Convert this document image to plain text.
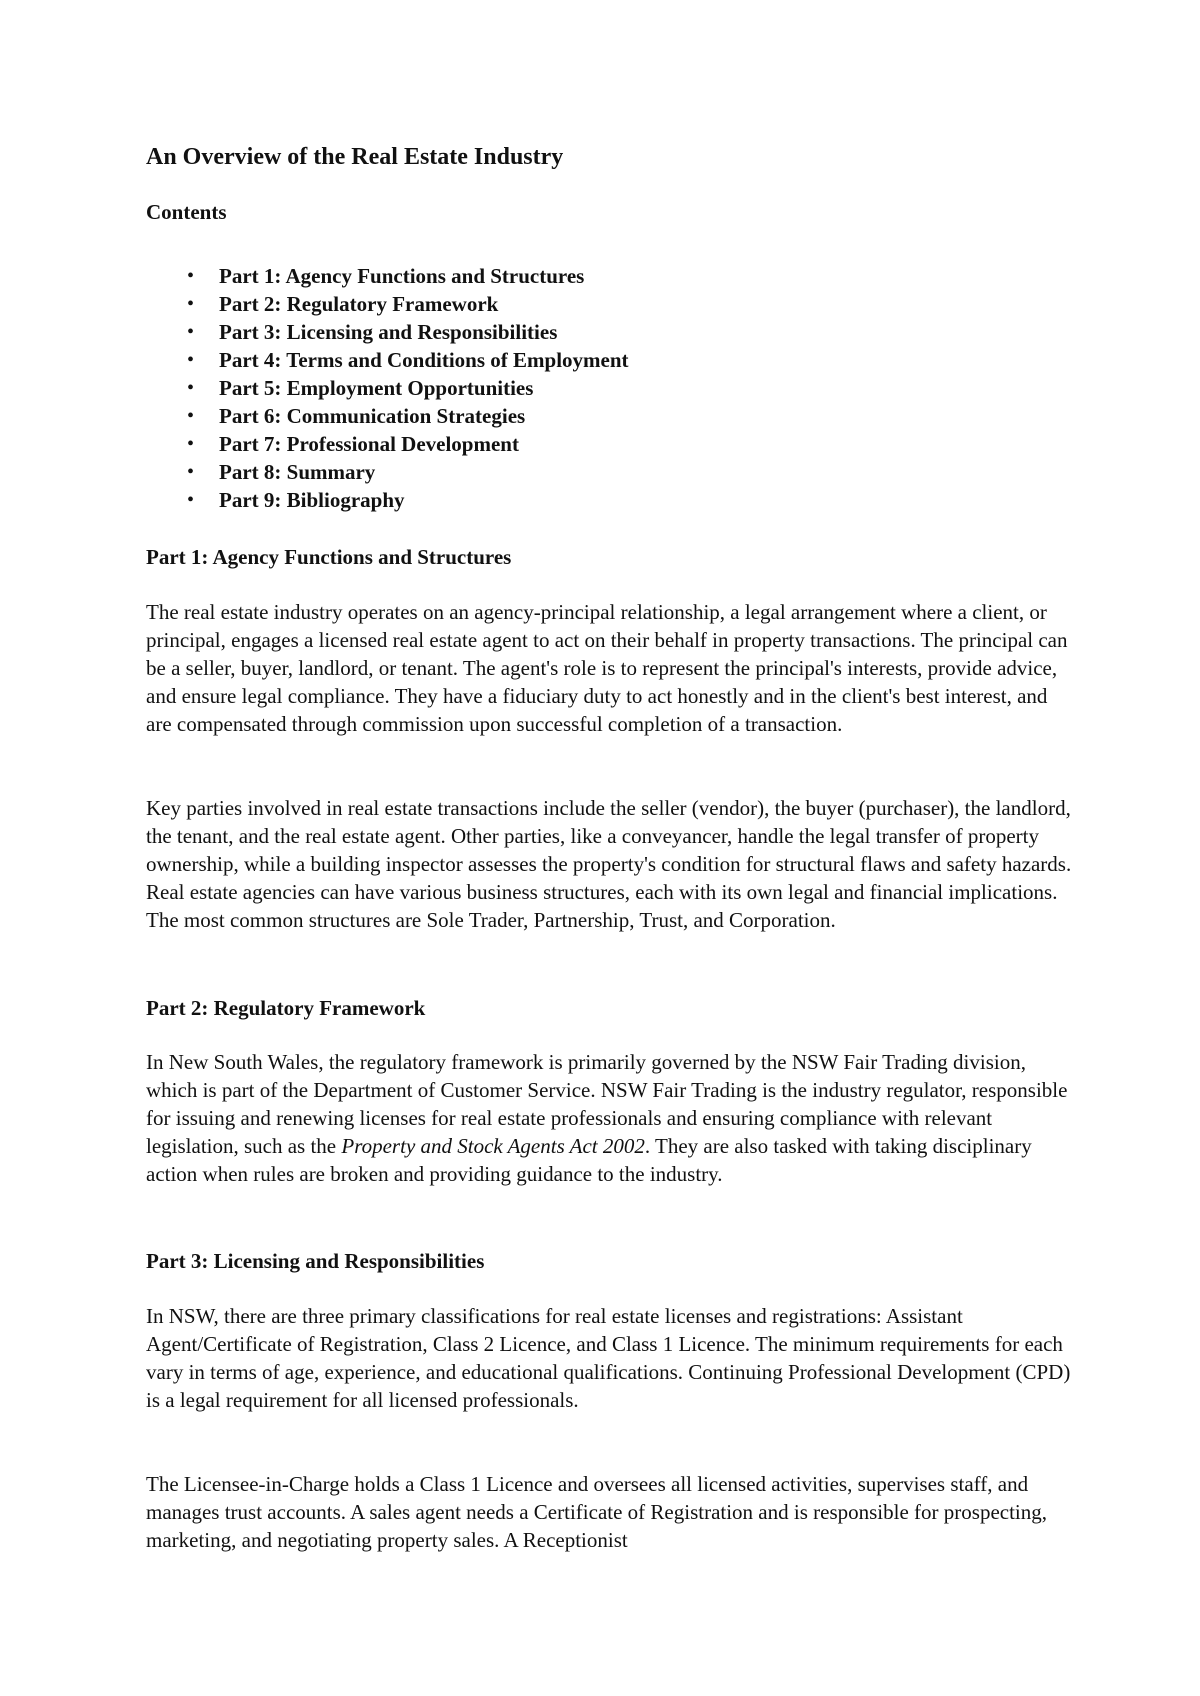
An Overview of the Real Estate Industry
Contents
• Part 1: Agency Functions and Structures
• Part 2: Regulatory Framework
• Part 3: Licensing and Responsibilities
• Part 4: Terms and Conditions of Employment
• Part 5: Employment Opportunities
• Part 6: Communication Strategies
• Part 7: Professional Development
• Part 8: Summary
• Part 9: Bibliography
Part 1: Agency Functions and Structures

The real estate industry operates on an agency-principal relationship, a legal arrangement where a client, or principal, engages a licensed real estate agent to act on their behalf in property transactions. The principal can be a seller, buyer, landlord, or tenant. The agent's role is to represent the principal's interests, provide advice, and ensure legal compliance. They have a fiduciary duty to act honestly and in the client's best interest, and are compensated through commission upon successful completion of a transaction.

Key parties involved in real estate transactions include the seller (vendor), the buyer (purchaser), the landlord, the tenant, and the real estate agent. Other parties, like a conveyancer, handle the legal transfer of property ownership, while a building inspector assesses the property's condition for structural flaws and safety hazards. Real estate agencies can have various business structures, each with its own legal and financial implications. The most common structures are Sole Trader, Partnership, Trust, and Corporation.

Part 2: Regulatory Framework

In New South Wales, the regulatory framework is primarily governed by the NSW Fair Trading division, which is part of the Department of Customer Service. NSW Fair Trading is the industry regulator, responsible for issuing and renewing licenses for real estate professionals and ensuring compliance with relevant legislation, such as the Property and Stock Agents Act 2002. They are also tasked with taking disciplinary action when rules are broken and providing guidance to the industry.

Part 3: Licensing and Responsibilities

In NSW, there are three primary classifications for real estate licenses and registrations: Assistant Agent/Certificate of Registration, Class 2 Licence, and Class 1 Licence. The minimum requirements for each vary in terms of age, experience, and educational qualifications. Continuing Professional Development (CPD) is a legal requirement for all licensed professionals.

The Licensee-in-Charge holds a Class 1 Licence and oversees all licensed activities, supervises staff, and manages trust accounts. A sales agent needs a Certificate of Registration and is responsible for prospecting, marketing, and negotiating property sales. A Receptionist
